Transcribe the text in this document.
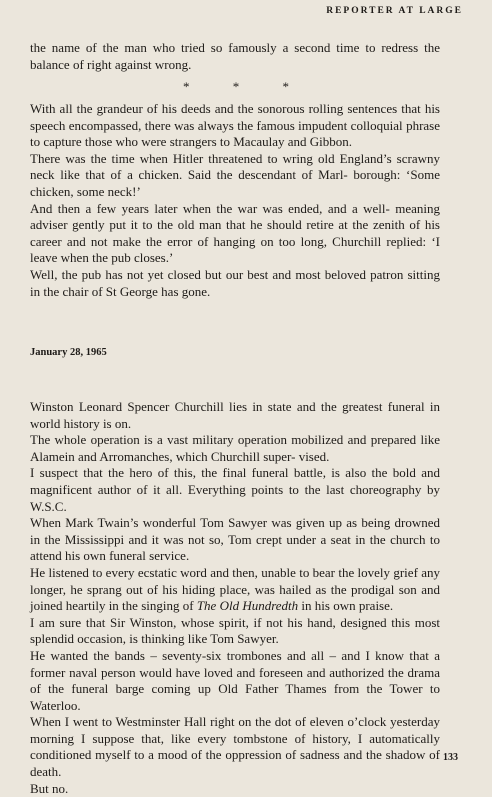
REPORTER AT LARGE

the name of the man who tried so famously a second time to redress the balance of right against wrong.

* * *

With all the grandeur of his deeds and the sonorous rolling sentences that his speech encompassed, there was always the famous impudent colloquial phrase to capture those who were strangers to Macaulay and Gibbon.

There was the time when Hitler threatened to wring old England’s scrawny neck like that of a chicken. Said the descendant of Marl- borough: ‘Some chicken, some neck!’

And then a few years later when the war was ended, and a well- meaning adviser gently put it to the old man that he should retire at the zenith of his career and not make the error of hanging on too long, Churchill replied: ‘I leave when the pub closes.’

Well, the pub has not yet closed but our best and most beloved patron sitting in the chair of St George has gone.

January 28, 1965

Winston Leonard Spencer Churchill lies in state and the greatest funeral in world history is on.

The whole operation is a vast military operation mobilized and prepared like Alamein and Arromanches, which Churchill super- vised.

I suspect that the hero of this, the final funeral battle, is also the bold and magnificent author of it all. Everything points to the last choreography by W.S.C.

When Mark Twain’s wonderful Tom Sawyer was given up as being drowned in the Mississippi and it was not so, Tom crept under a seat in the church to attend his own funeral service.

He listened to every ecstatic word and then, unable to bear the lovely grief any longer, he sprang out of his hiding place, was hailed as the prodigal son and joined heartily in the singing of The Old Hundredth in his own praise.

I am sure that Sir Winston, whose spirit, if not his hand, designed this most splendid occasion, is thinking like Tom Sawyer.

He wanted the bands – seventy-six trombones and all – and I know that a former naval person would have loved and foreseen and authorized the drama of the funeral barge coming up Old Father Thames from the Tower to Waterloo.

When I went to Westminster Hall right on the dot of eleven o’clock yesterday morning I suppose that, like every tombstone of history, I automatically conditioned myself to a mood of the oppression of sadness and the shadow of death.

But no.

133
